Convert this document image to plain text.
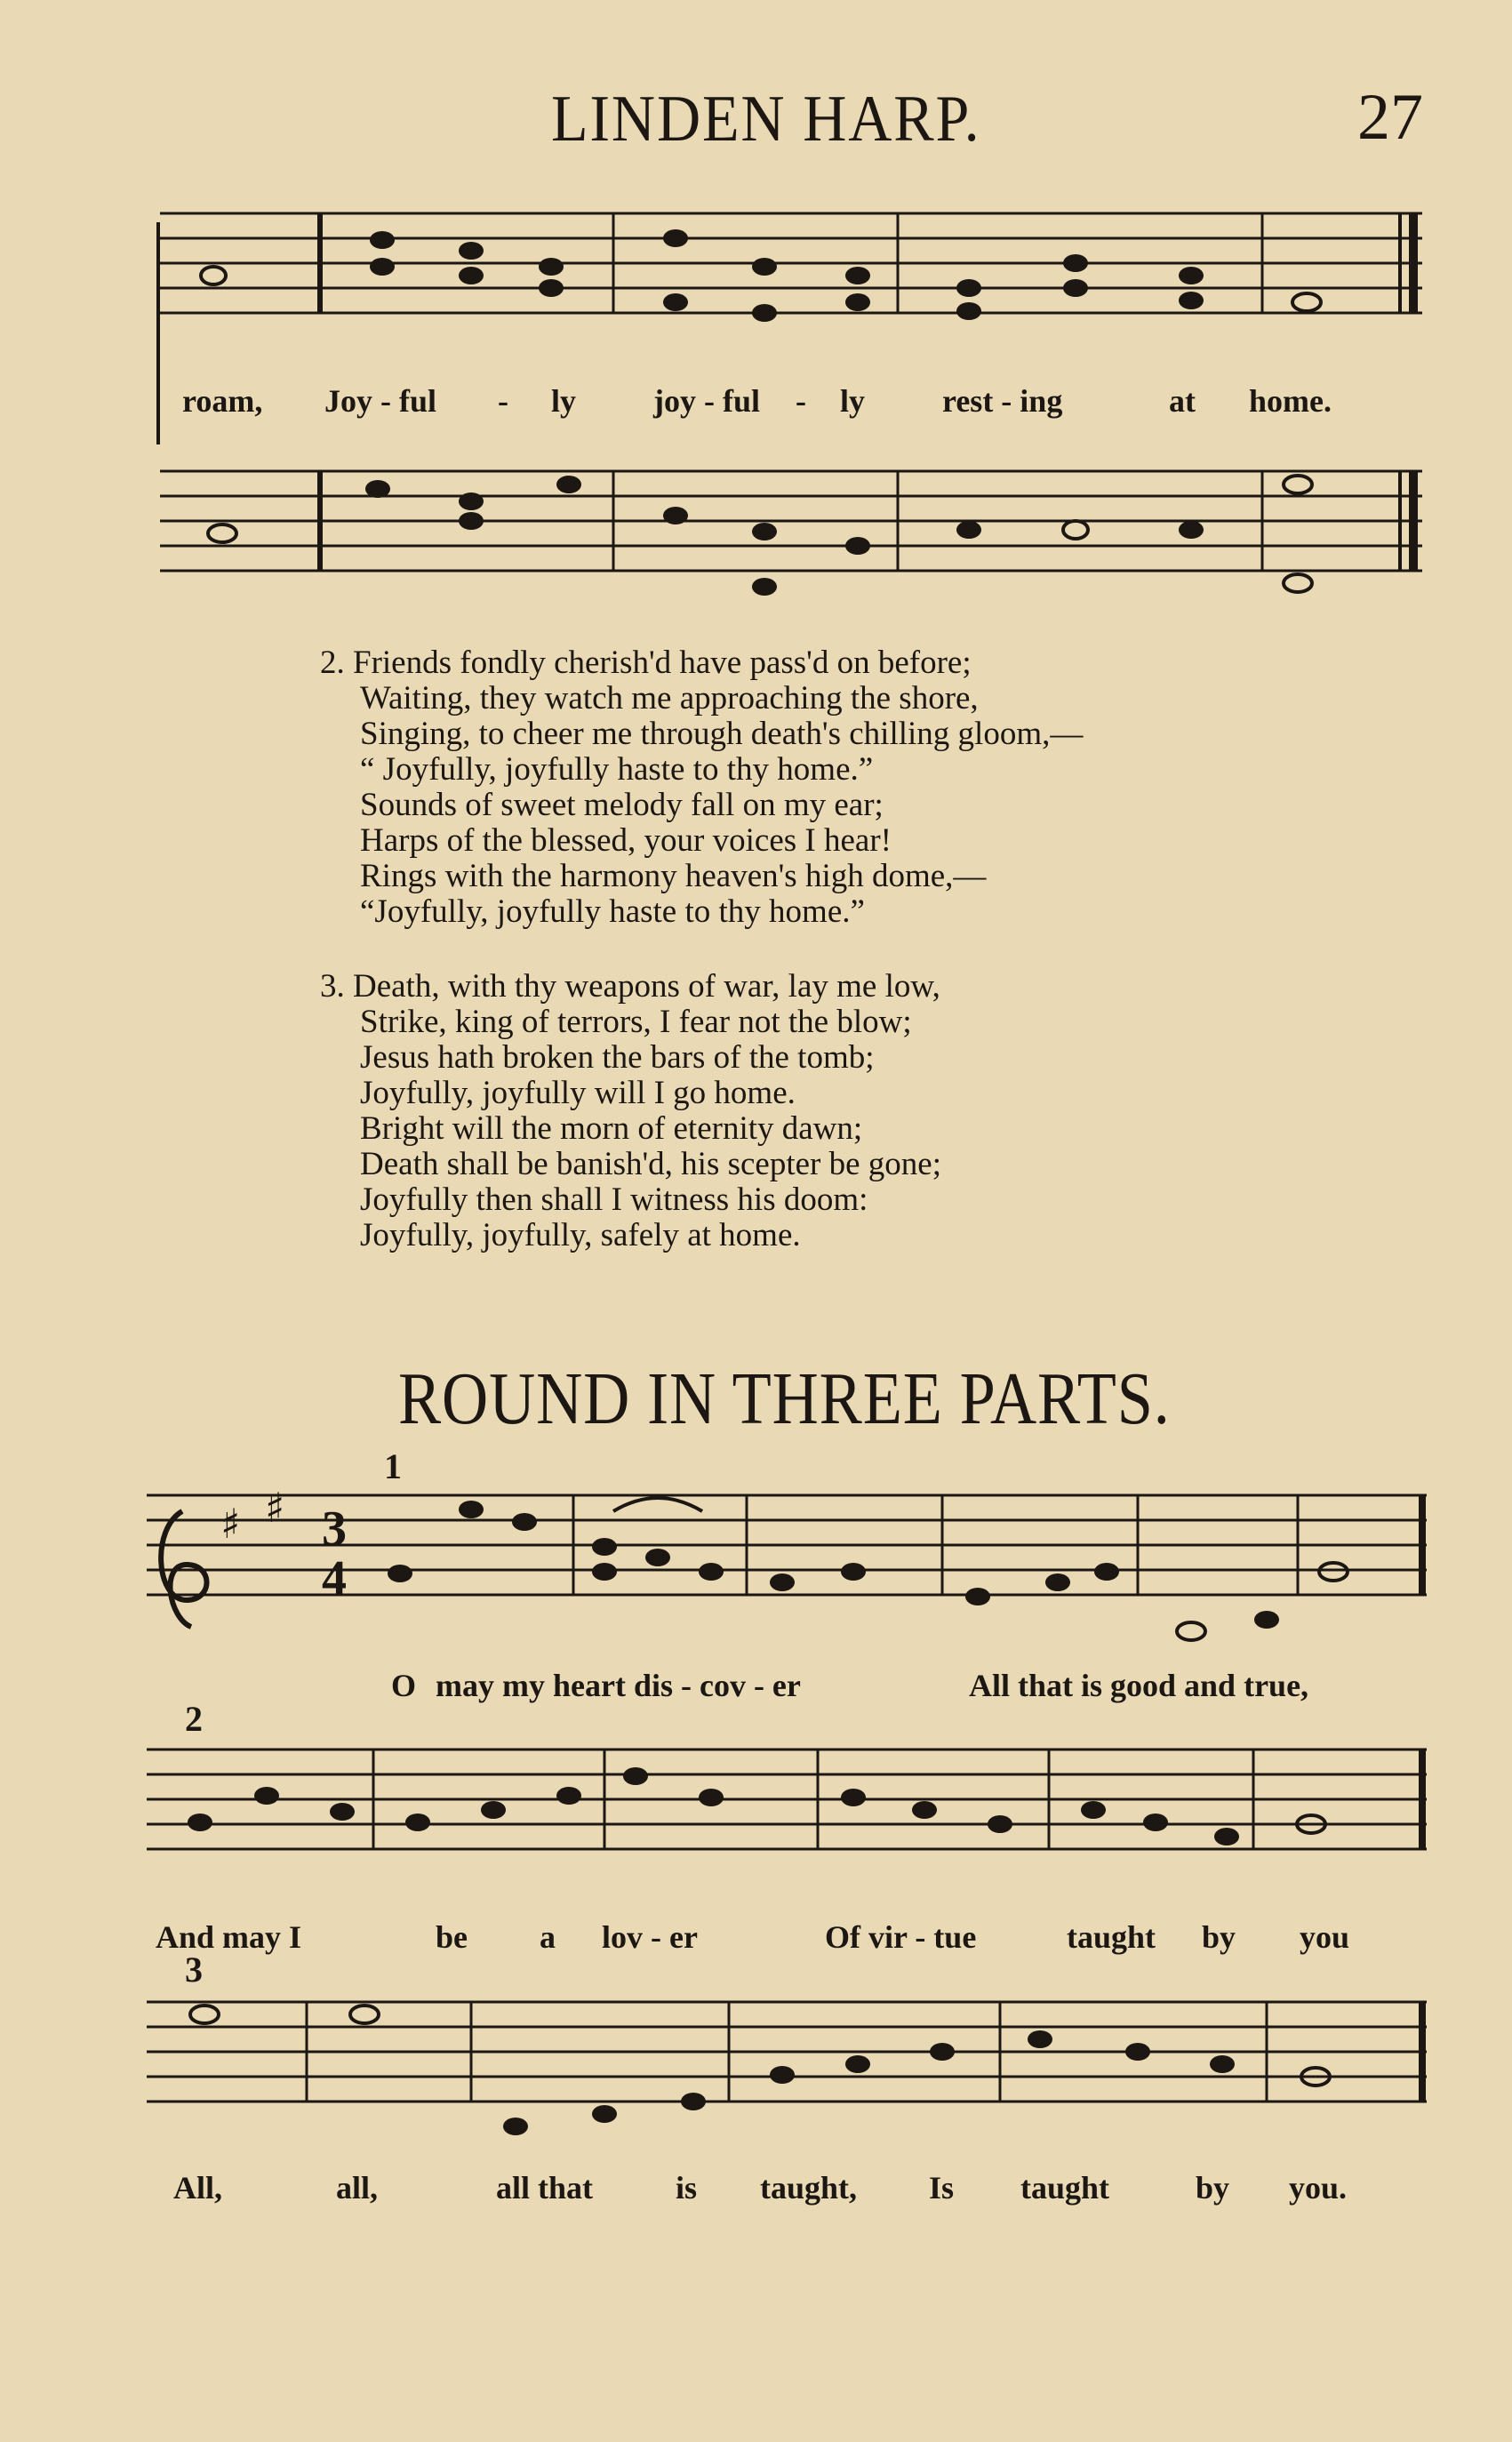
LINDEN HARP.	27
roam, Joy - ful - ly joy - ful - ly rest - ing	at home.
2. Friends fondly cherish'd have pass'd on before;
Waiting, they watch me approaching the shore,
Singing, to cheer me through death's chilling gloom,—
“ Joyfully, joyfully haste to thy home.”
Sounds of sweet melody fall on my ear;
Harps of the blessed, your voices I hear!
Rings with the harmony heaven's high dome,—
“Joyfully, joyfully haste to thy home.”
3. Death, with thy weapons of war, lay me low,
Strike, king of terrors, I fear not the blow;
Jesus hath broken the bars of the tomb;
Joyfully, joyfully will I go home.
Bright will the morn of eternity dawn;
Death shall be banish'd, his scepter be gone;
Joyfully then shall I witness his doom:
Joyfully, joyfully, safely at home.
ROUND IN THREE PARTS.
1
♯ ♯ 3
4
O may my heart dis - cov - er	All that is good and true,
2
And may I	be a lov - er	Of vir - tue	taught by you
3
All,	all,	all that	is taught, Is taught	by you.
